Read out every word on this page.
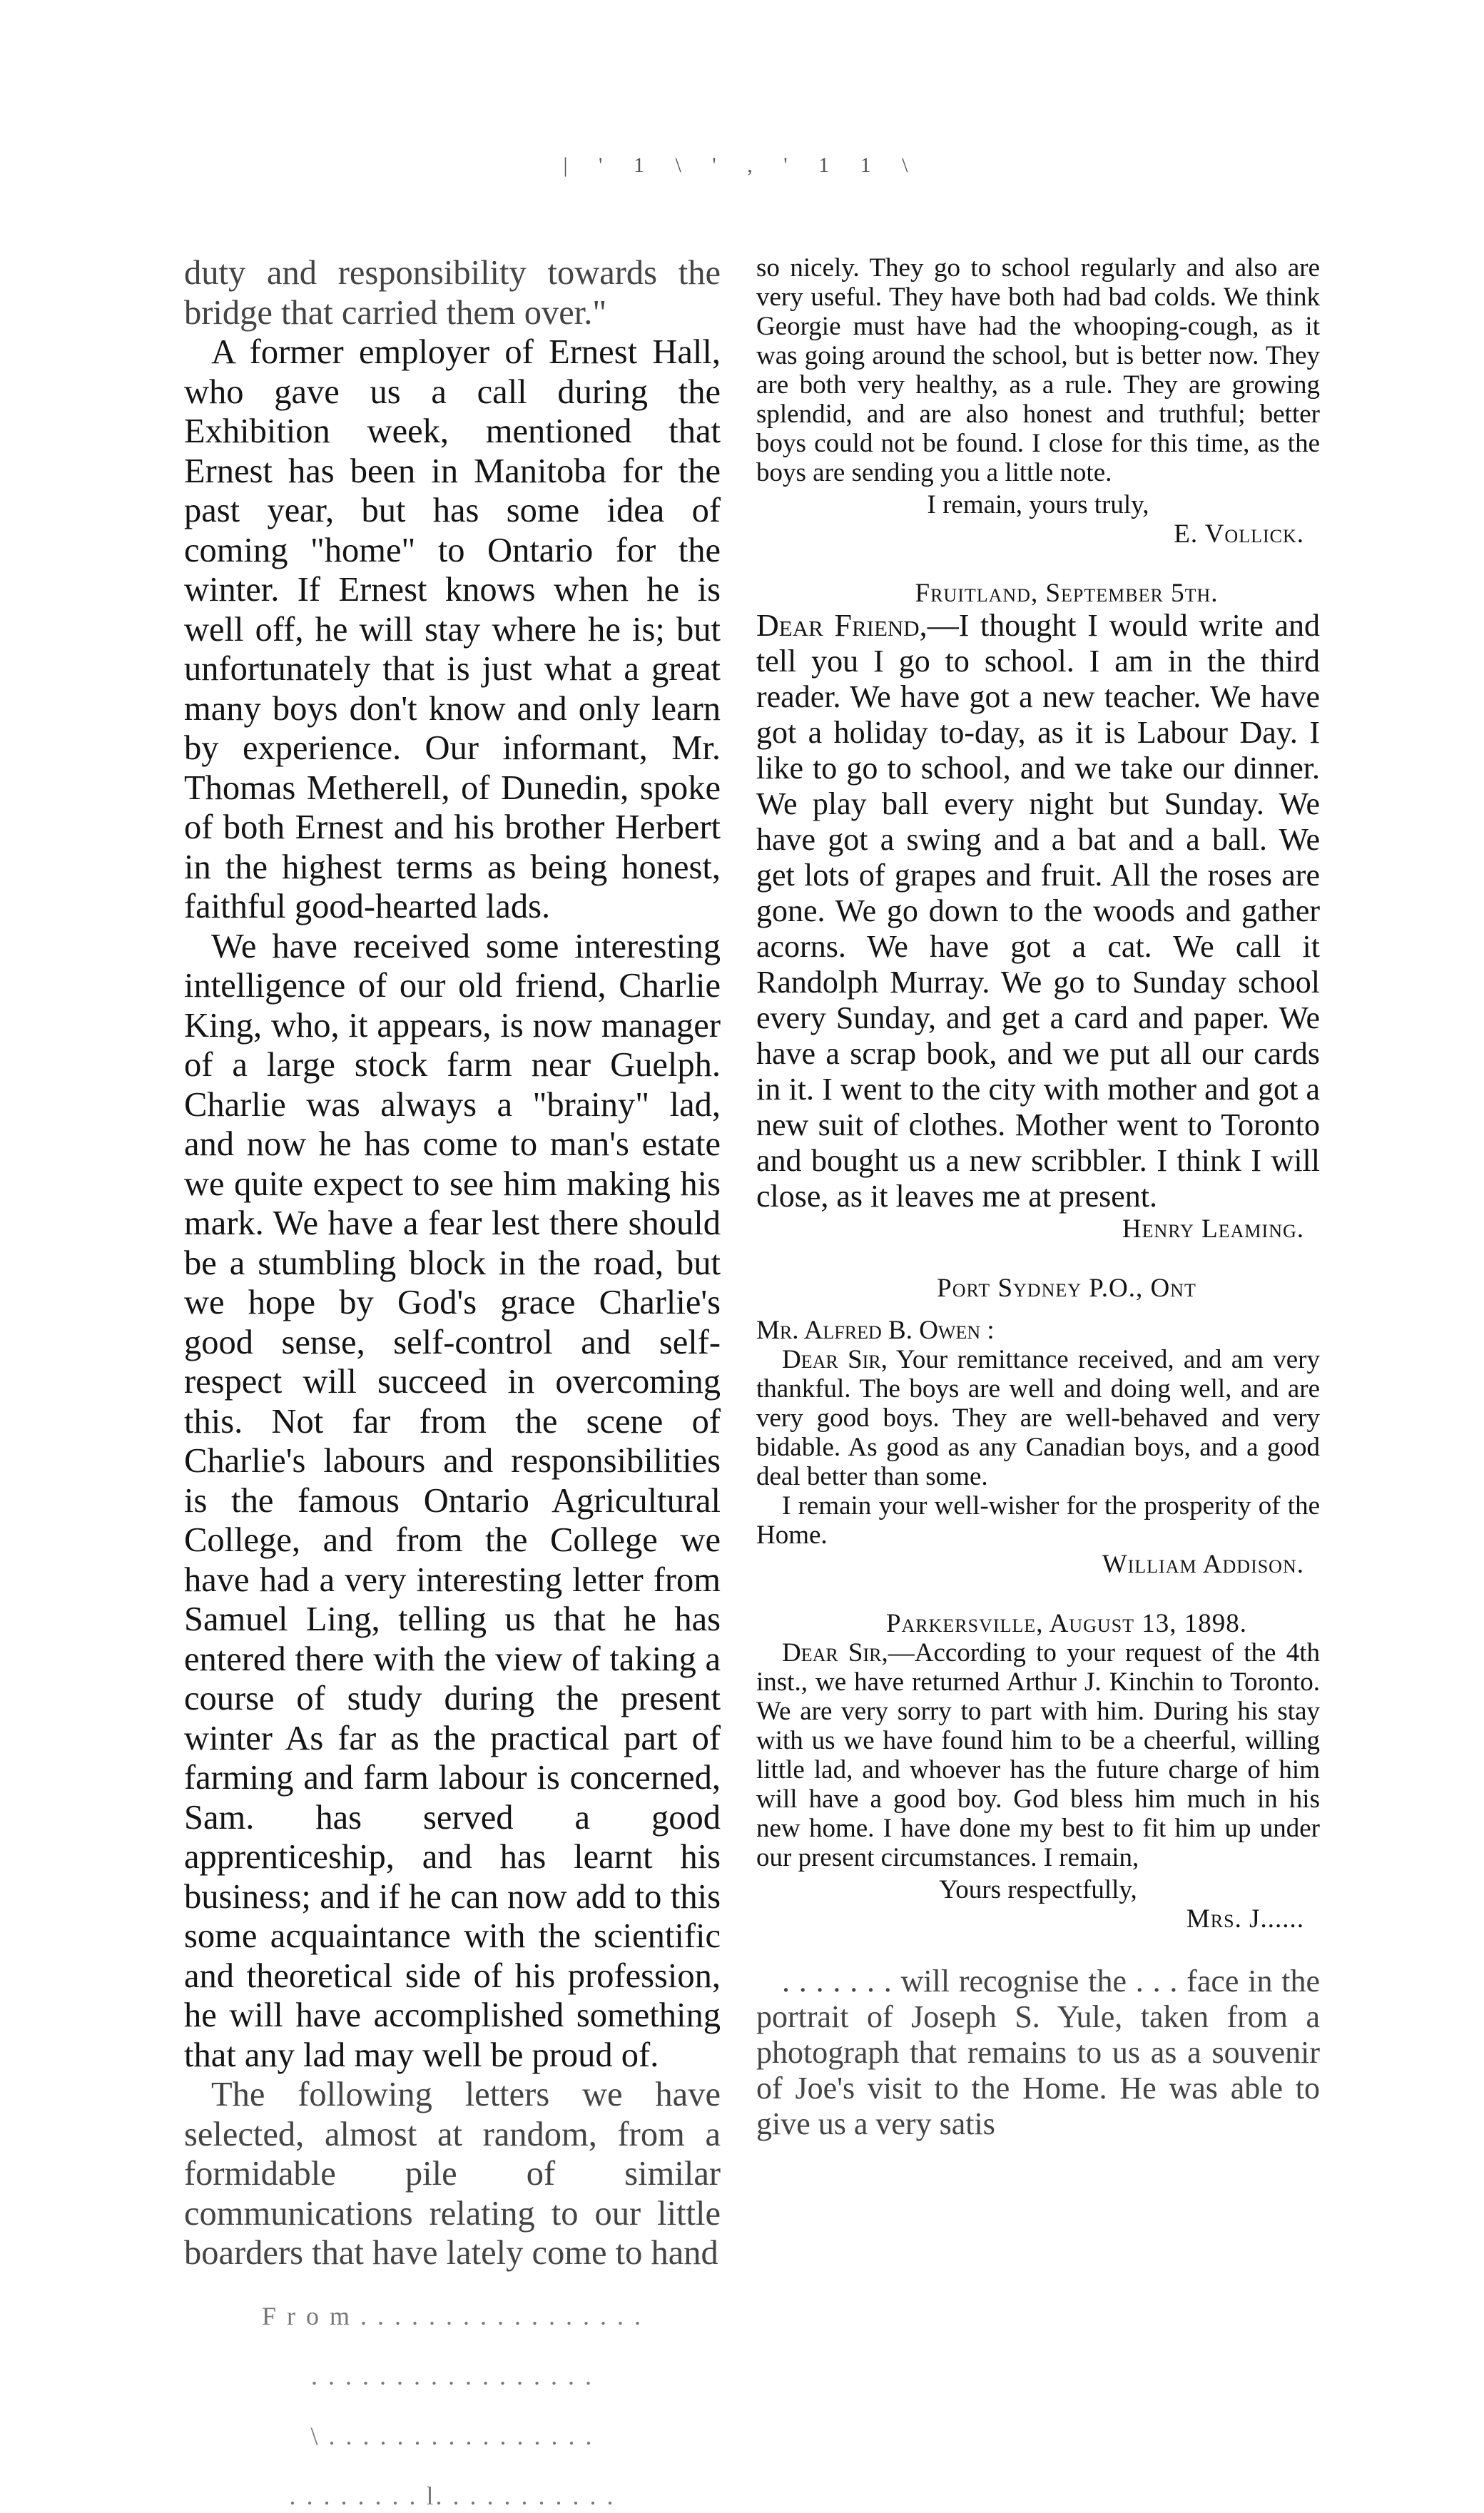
| ' 1 \ ' , ' 1 1 \

duty and responsibility towards the bridge that carried them over."

A former employer of Ernest Hall, who gave us a call during the Exhibition week, mentioned that Ernest has been in Manitoba for the past year, but has some idea of coming "home" to Ontario for the winter. If Ernest knows when he is well off, he will stay where he is; but unfortunately that is just what a great many boys don't know and only learn by experience. Our informant, Mr. Thomas Metherell, of Dunedin, spoke of both Ernest and his brother Herbert in the highest terms as being honest, faithful good-hearted lads.

We have received some interesting intelligence of our old friend, Charlie King, who, it appears, is now manager of a large stock farm near Guelph. Charlie was always a "brainy" lad, and now he has come to man's estate we quite expect to see him making his mark. We have a fear lest there should be a stumbling block in the road, but we hope by God's grace Charlie's good sense, self-control and self-respect will succeed in overcoming this. Not far from the scene of Charlie's labours and responsibilities is the famous Ontario Agricultural College, and from the College we have had a very interesting letter from Samuel Ling, telling us that he has entered there with the view of taking a course of study during the present winter As far as the practical part of farming and farm labour is concerned, Sam. has served a good apprenticeship, and has learnt his business; and if he can now add to this some acquaintance with the scientific and theoretical side of his profession, he will have accomplished something that any lad may well be proud of.

The following letters we have selected, almost at random, from a formidable pile of similar communications relating to our little boarders that have lately come to hand

F r o m . . . . . . . . . . . . . . . . .
. . . . . . . . . . . . . . . . .
\ . . . . . . . . . . . . . . . .
. . . . . . . . l. . . . . . . . . . .

so nicely. They go to school regularly and also are very useful. They have both had bad colds. We think Georgie must have had the whooping-cough, as it was going around the school, but is better now. They are both very healthy, as a rule. They are growing splendid, and are also honest and truthful; better boys could not be found. I close for this time, as the boys are sending you a little note.

I remain, yours truly,

E. Vollick.
Fruitland, September 5th.

Dear Friend,—I thought I would write and tell you I go to school. I am in the third reader. We have got a new teacher. We have got a holiday to-day, as it is Labour Day. I like to go to school, and we take our dinner. We play ball every night but Sunday. We have got a swing and a bat and a ball. We get lots of grapes and fruit. All the roses are gone. We go down to the woods and gather acorns. We have got a cat. We call it Randolph Murray. We go to Sunday school every Sunday, and get a card and paper. We have a scrap book, and we put all our cards in it. I went to the city with mother and got a new suit of clothes. Mother went to Toronto and bought us a new scribbler. I think I will close, as it leaves me at present.

Henry Leaming.
Port Sydney P.O., Ont
Mr. Alfred B. Owen :

Dear Sir, Your remittance received, and am very thankful. The boys are well and doing well, and are very good boys. They are well-behaved and very bidable. As good as any Canadian boys, and a good deal better than some.

I remain your well-wisher for the prosperity of the Home.

William Addison.
Parkersville, August 13, 1898.

Dear Sir,—According to your request of the 4th inst., we have returned Arthur J. Kinchin to Toronto. We are very sorry to part with him. During his stay with us we have found him to be a cheerful, willing little lad, and whoever has the future charge of him will have a good boy. God bless him much in his new home. I have done my best to fit him up under our present circumstances. I remain,

Yours respectfully,

Mrs. J......

. . . . . . . will recognise the . . . face in the portrait of Joseph S. Yule, taken from a photograph that remains to us as a souvenir of Joe's visit to the Home. He was able to give us a very satis
